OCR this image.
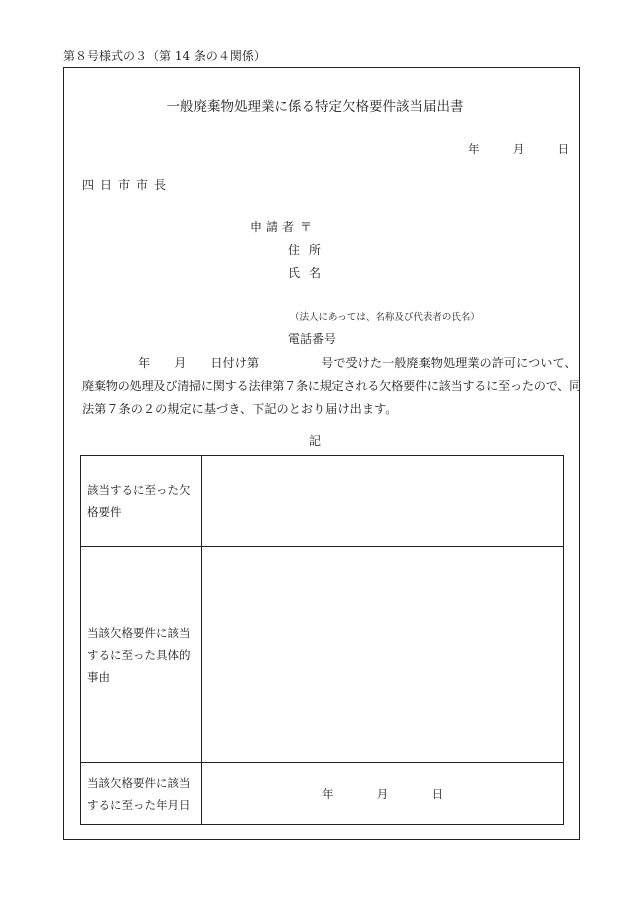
第８号様式の３（第 14 条の４関係）
一般廃棄物処理業に係る特定欠格要件該当届出書
年	月	日
四日市市長
申請者 〒
住所
氏名
（法人にあっては、名称及び代表者の氏名）
電話番号
年 月 日付け第	号で受けた一般廃棄物処理業の許可について、
廃棄物の処理及び清掃に関する法律第７条に規定される欠格要件に該当するに至ったので、同
法第７条の２の規定に基づき、下記のとおり届け出ます。
記
該当するに至った欠格要件	
当該欠格要件に該当するに至った具体的事由	
当該欠格要件に該当するに至った年月日	年 月 日
